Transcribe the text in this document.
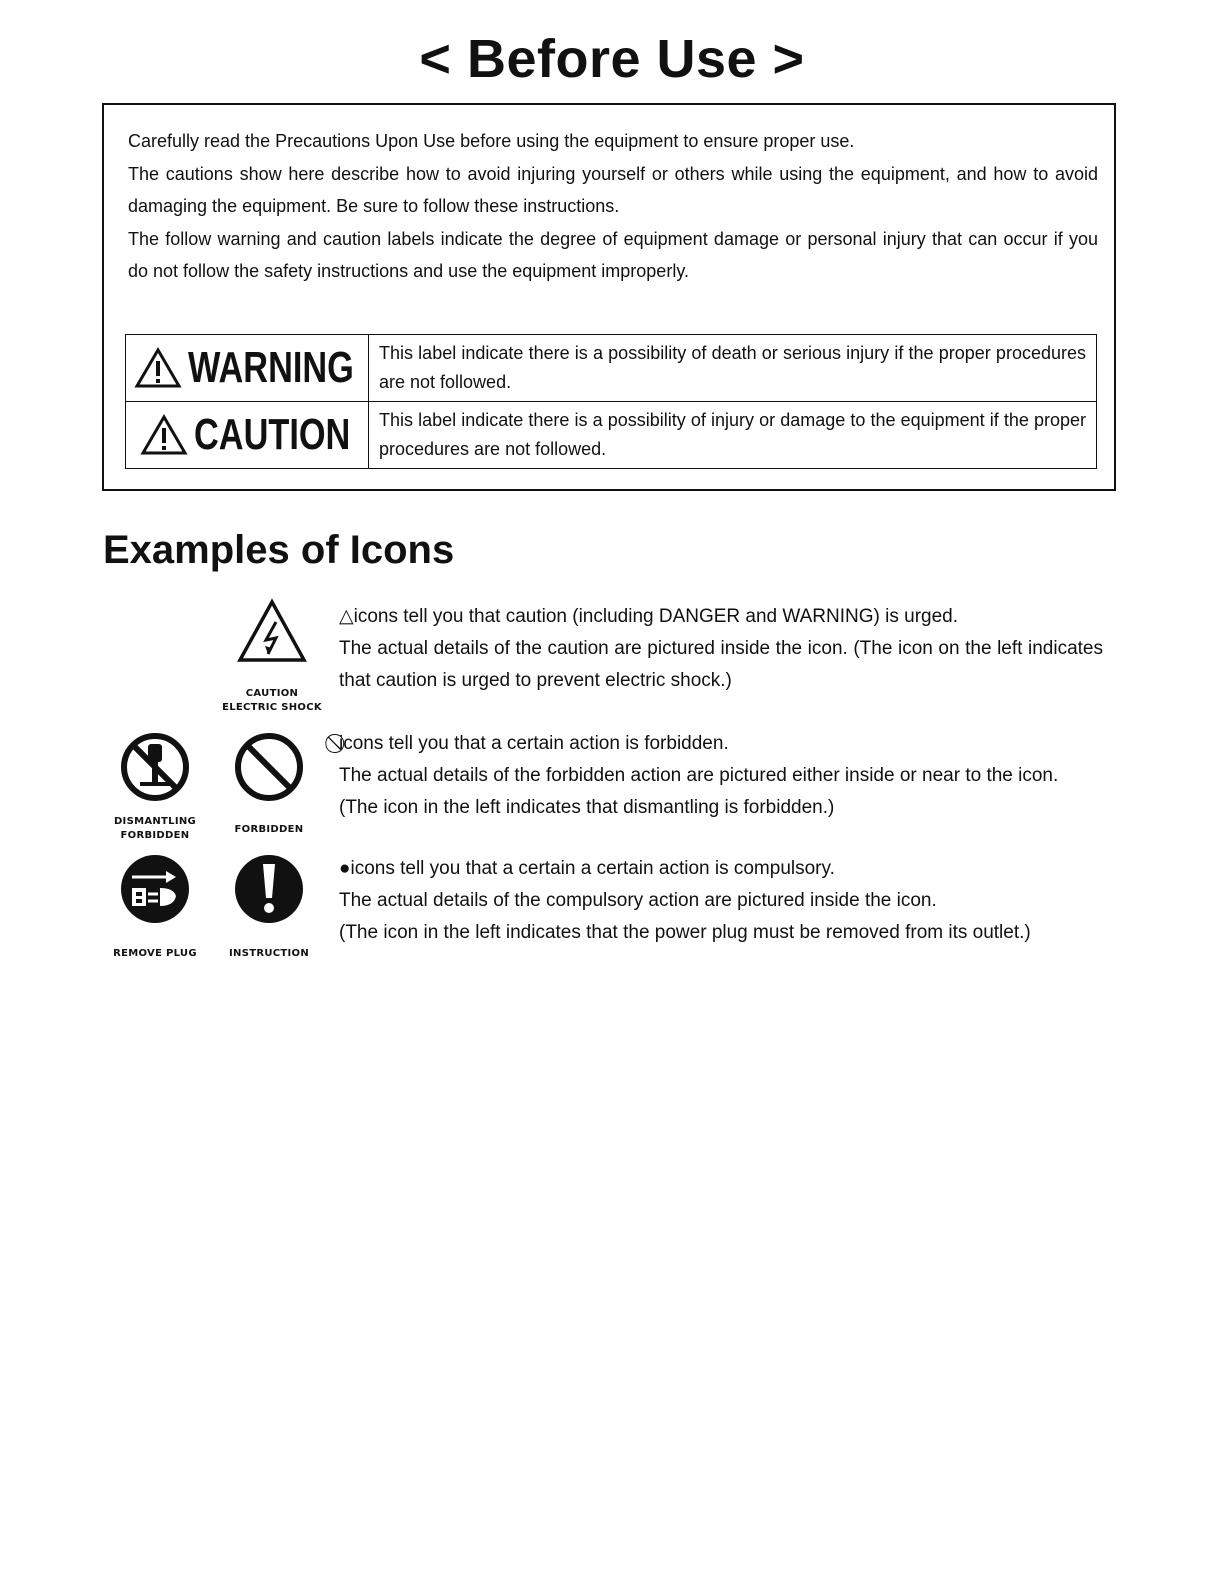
< Before Use >

Carefully read the Precautions Upon Use before using the equipment to ensure proper use.

The cautions show here describe how to avoid injuring yourself or others while using the equipment, and how to avoid damaging the equipment. Be sure to follow these instructions.

The follow warning and caution labels indicate the degree of equipment damage or personal injury that can occur if you do not follow the safety instructions and use the equipment improperly.

WARNING	This label indicate there is a possibility of death or serious injury if the proper procedures are not followed.
CAUTION	This label indicate there is a possibility of injury or damage to the equipment if the proper procedures are not followed.
Examples of Icons
CAUTION
ELECTRIC SHOCK
DISMANTLING
FORBIDDEN
FORBIDDEN
REMOVE PLUG	INSTRUCTION

△icons tell you that caution (including DANGER and WARNING) is urged.

The actual details of the caution are pictured inside the icon. (The icon on the left indicates that caution is urged to prevent electric shock.)

icons tell you that a certain action is forbidden.

The actual details of the forbidden action are pictured either inside or near to the icon.

(The icon in the left indicates that dismantling is forbidden.)

●icons tell you that a certain a certain action is compulsory.

The actual details of the compulsory action are pictured inside the icon.

(The icon in the left indicates that the power plug must be removed from its outlet.)
